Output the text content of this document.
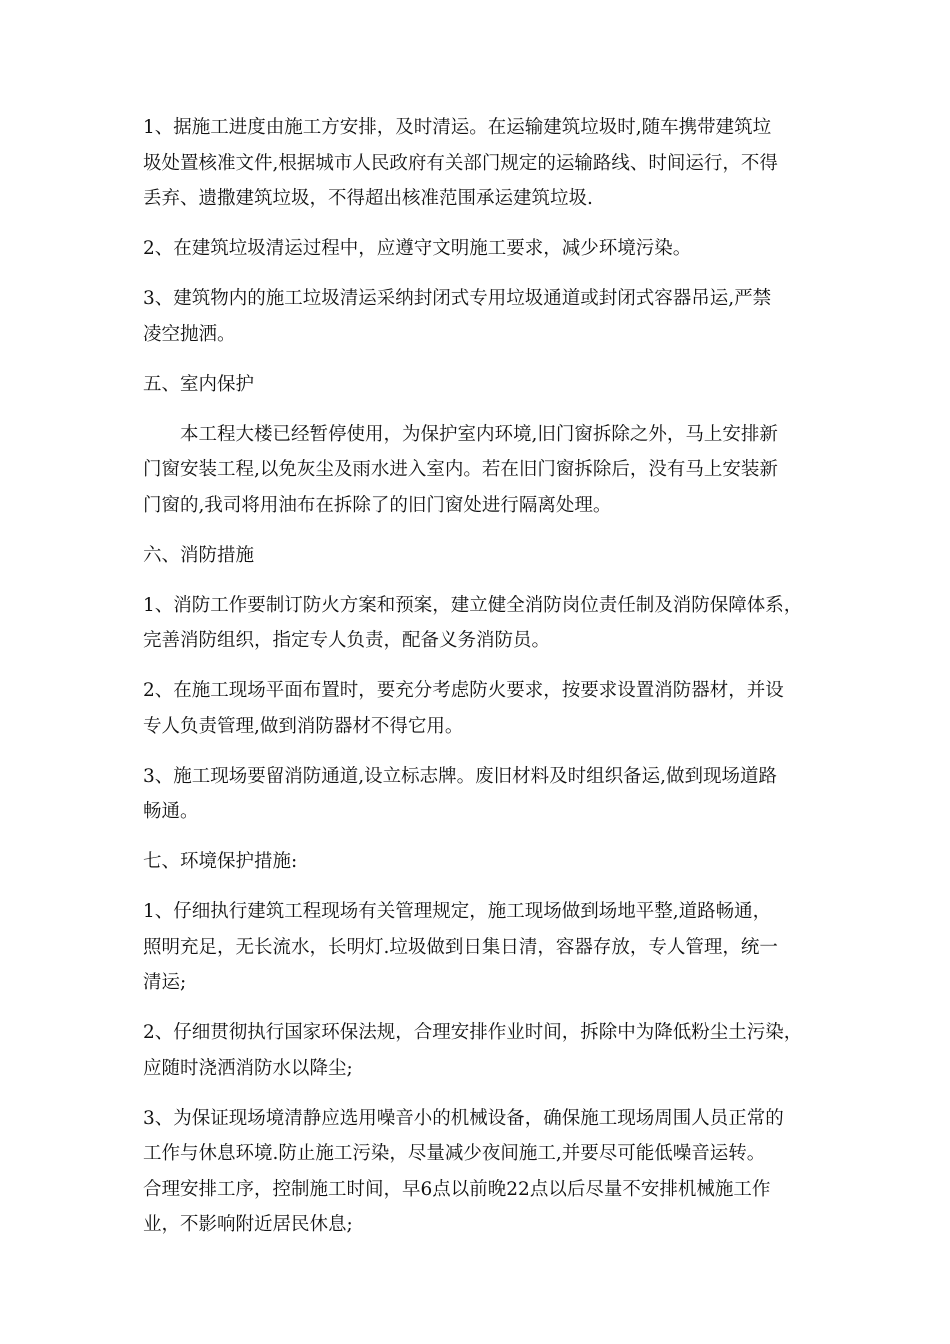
1、据施工进度由施工方安排，及时清运。在运输建筑垃圾时,随车携带建筑垃
圾处置核准文件,根据城市人民政府有关部门规定的运输路线、时间运行，不得
丢弃、遗撒建筑垃圾，不得超出核准范围承运建筑垃圾.

2、在建筑垃圾清运过程中，应遵守文明施工要求，减少环境污染。

3、建筑物内的施工垃圾清运采纳封闭式专用垃圾通道或封闭式容器吊运,严禁
凌空抛洒。

五、室内保护

本工程大楼已经暂停使用，为保护室内环境,旧门窗拆除之外，马上安排新
门窗安装工程,以免灰尘及雨水进入室内。若在旧门窗拆除后，没有马上安装新
门窗的,我司将用油布在拆除了的旧门窗处进行隔离处理。

六、消防措施

1、消防工作要制订防火方案和预案，建立健全消防岗位责任制及消防保障体系，
完善消防组织，指定专人负责，配备义务消防员。

2、在施工现场平面布置时，要充分考虑防火要求，按要求设置消防器材，并设
专人负责管理,做到消防器材不得它用。

3、施工现场要留消防通道,设立标志牌。废旧材料及时组织备运,做到现场道路
畅通。

七、环境保护措施:

1、仔细执行建筑工程现场有关管理规定，施工现场做到场地平整,道路畅通，
照明充足，无长流水，长明灯.垃圾做到日集日清，容器存放，专人管理，统一
清运;

2、仔细贯彻执行国家环保法规，合理安排作业时间，拆除中为降低粉尘土污染，
应随时浇洒消防水以降尘;

3、为保证现场境清静应选用噪音小的机械设备，确保施工现场周围人员正常的
工作与休息环境.防止施工污染，尽量减少夜间施工,并要尽可能低噪音运转。
合理安排工序，控制施工时间，早6点以前晚22点以后尽量不安排机械施工作
业，不影响附近居民休息;
